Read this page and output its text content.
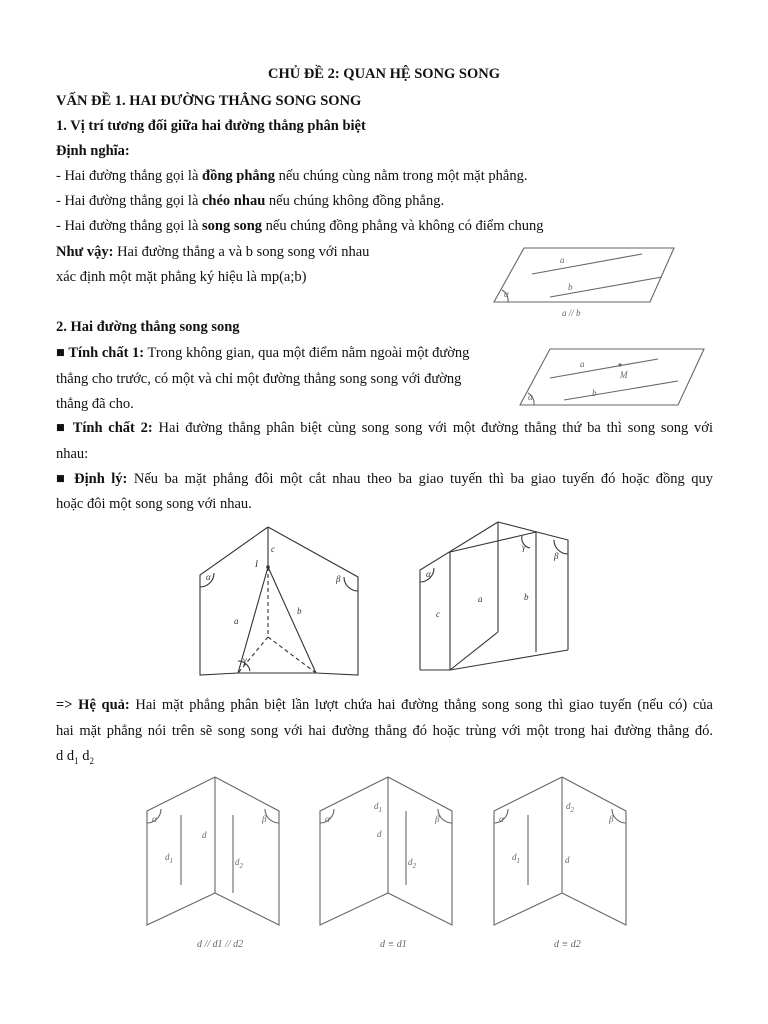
CHỦ ĐỀ 2: QUAN HỆ SONG SONG
VẤN ĐỀ 1. HAI ĐƯỜNG THẲNG SONG SONG
1. Vị trí tương đối giữa hai đường thẳng phân biệt
Định nghĩa:
- Hai đường thẳng gọi là đồng phẳng nếu chúng cùng nằm trong một mặt phẳng.
- Hai đường thẳng gọi là chéo nhau nếu chúng không đồng phẳng.
- Hai đường thẳng gọi là song song nếu chúng đồng phẳng và không có điểm chung
Như vậy: Hai đường thẳng a và b song song với nhau
xác định một mặt phẳng ký hiệu là mp(a;b)
α
a
b
a // b
2. Hai đường thẳng song song
■ Tính chất 1: Trong không gian, qua một điểm nằm ngoài một đường
thẳng cho trước, có một và chỉ một đường thẳng song song với đường
thẳng đã cho.	α
a
M
b
■ Tính chất 2: Hai đường thẳng phân biệt cùng song song với một đường thẳng thứ ba thì song song với
nhau:
■ Định lý: Nếu ba mặt phẳng đôi một cắt nhau theo ba giao tuyến thì ba giao tuyến đó hoặc đồng quy
hoặc đôi một song song với nhau.
α	β
I
c
a
b
γ
α
β
γ
a	b
c
=> Hệ quả: Hai mặt phẳng phân biệt lần lượt chứa hai đường thẳng song song thì giao tuyến (nếu có) của
hai mặt phẳng nói trên sẽ song song với hai đường thẳng đó hoặc trùng với một trong hai đường thẳng đó.
d $d_1$ $d_2$
α	β
d
$d_1$	$d_2$
d // d1 // d2
α	β
$d_1$
d
$d_2$
d ≡ d1
α	β
$d_2$
$d_1$	d
d ≡ d2
